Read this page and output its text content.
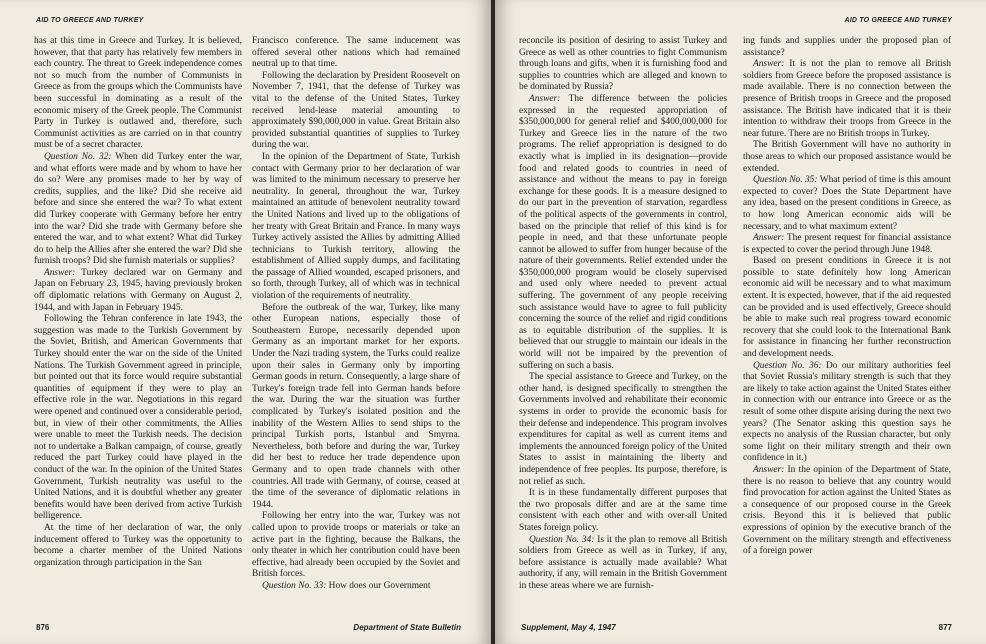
AID TO GREECE AND TURKEY

has at this time in Greece and Turkey. It is believed, however, that that party has relatively few members in each country. The threat to Greek independence comes not so much from the number of Communists in Greece as from the groups which the Communists have been successful in dominating as a result of the economic misery of the Greek people. The Communist Party in Turkey is outlawed and, therefore, such Communist activities as are carried on in that country must be of a secret character.

Question No. 32: When did Turkey enter the war, and what efforts were made and by whom to have her do so? Were any promises made to her by way of credits, supplies, and the like? Did she receive aid before and since she entered the war? To what extent did Turkey cooperate with Germany before her entry into the war? Did she trade with Germany before she entered the war, and to what extent? What did Turkey do to help the Allies after she entered the war? Did she furnish troops? Did she furnish materials or supplies?

Answer: Turkey declared war on Germany and Japan on February 23, 1945, having previously broken off diplomatic relations with Germany on August 2, 1944, and with Japan in February 1945.

Following the Tehran conference in late 1943, the suggestion was made to the Turkish Government by the Soviet, British, and American Governments that Turkey should enter the war on the side of the United Nations. The Turkish Government agreed in principle, but pointed out that its force would require substantial quantities of equipment if they were to play an effective role in the war. Negotiations in this regard were opened and continued over a considerable period, but, in view of their other commitments, the Allies were unable to meet the Turkish needs. The decision not to undertake a Balkan campaign, of course, greatly reduced the part Turkey could have played in the conduct of the war. In the opinion of the United States Government, Turkish neutrality was useful to the United Nations, and it is doubtful whether any greater benefits would have been derived from active Turkish belligerence.

At the time of her declaration of war, the only inducement offered to Turkey was the opportunity to become a charter member of the United Nations organization through participation in the San

Francisco conference. The same inducement was offered several other nations which had remained neutral up to that time.

Following the declaration by President Roosevelt on November 7, 1941, that the defense of Turkey was vital to the defense of the United States, Turkey received lend-lease material amounting to approximately $90,000,000 in value. Great Britain also provided substantial quantities of supplies to Turkey during the war.

In the opinion of the Department of State, Turkish contact with Germany prior to her declaration of war was limited to the minimum necessary to preserve her neutrality. In general, throughout the war, Turkey maintained an attitude of benevolent neutrality toward the United Nations and lived up to the obligations of her treaty with Great Britain and France. In many ways Turkey actively assisted the Allies by admitting Allied technicians to Turkish territory, allowing the establishment of Allied supply dumps, and facilitating the passage of Allied wounded, escaped prisoners, and so forth, through Turkey, all of which was in technical violation of the requirements of neutrality.

Before the outbreak of the war, Turkey, like many other European nations, especially those of Southeastern Europe, necessarily depended upon Germany as an important market for her exports. Under the Nazi trading system, the Turks could realize upon their sales in Germany only by importing German goods in return. Consequently, a large share of Turkey's foreign trade fell into German hands before the war. During the war the situation was further complicated by Turkey's isolated position and the inability of the Western Allies to send ships to the principal Turkish ports, Istanbul and Smyrna. Nevertheless, both before and during the war, Turkey did her best to reduce her trade dependence upon Germany and to open trade channels with other countries. All trade with Germany, of course, ceased at the time of the severance of diplomatic relations in 1944.

Following her entry into the war, Turkey was not called upon to provide troops or materials or take an active part in the fighting, because the Balkans, the only theater in which her contribution could have been effective, had already been occupied by the Soviet and British forces.

Question No. 33: How does our Government

876	Department of State Bulletin
AID TO GREECE AND TURKEY

reconcile its position of desiring to assist Turkey and Greece as well as other countries to fight Communism through loans and gifts, when it is furnishing food and supplies to countries which are alleged and known to be dominated by Russia?

Answer: The difference between the policies expressed in the requested appropriation of $350,000,000 for general relief and $400,000,000 for Turkey and Greece lies in the nature of the two programs. The relief appropriation is designed to do exactly what is implied in its designation—provide food and related goods to countries in need of assistance and without the means to pay in foreign exchange for these goods. It is a measure designed to do our part in the prevention of starvation, regardless of the political aspects of the governments in control, based on the principle that relief of this kind is for people in need, and that these unfortunate people cannot be allowed to suffer from hunger because of the nature of their governments. Relief extended under the $350,000,000 program would be closely supervised and used only where needed to prevent actual suffering. The government of any people receiving such assistance would have to agree to full publicity concerning the source of the relief and rigid conditions as to equitable distribution of the supplies. It is believed that our struggle to maintain our ideals in the world will not be impaired by the prevention of suffering on such a basis.

The special assistance to Greece and Turkey, on the other hand, is designed specifically to strengthen the Governments involved and rehabilitate their economic systems in order to provide the economic basis for their defense and independence. This program involves expenditures for capital as well as current items and implements the announced foreign policy of the United States to assist in maintaining the liberty and independence of free peoples. Its purpose, therefore, is not relief as such.

It is in these fundamentally different purposes that the two proposals differ and are at the same time consistent with each other and with over-all United States foreign policy.

Question No. 34: Is it the plan to remove all British soldiers from Greece as well as in Turkey, if any, before assistance is actually made available? What authority, if any, will remain in the British Government in these areas where we are furnish-

ing funds and supplies under the proposed plan of assistance?

Answer: It is not the plan to remove all British soldiers from Greece before the proposed assistance is made available. There is no connection between the presence of British troops in Greece and the proposed assistance. The British have indicated that it is their intention to withdraw their troops from Greece in the near future. There are no British troops in Turkey.

The British Government will have no authority in those areas to which our proposed assistance would be extended.

Question No. 35: What period of time is this amount expected to cover? Does the State Department have any idea, based on the present conditions in Greece, as to how long American economic aids will be necessary, and to what maximum extent?

Answer: The present request for financial assistance is expected to cover the period through June 1948.

Based on present conditions in Greece it is not possible to state definitely how long American economic aid will be necessary and to what maximum extent. It is expected, however, that if the aid requested can be provided and is used effectively, Greece should be able to make such real progress toward economic recovery that she could look to the International Bank for assistance in financing her further reconstruction and development needs.

Question No. 36: Do our military authorities feel that Soviet Russia's military strength is such that they are likely to take action against the United States either in connection with our entrance into Greece or as the result of some other dispute arising during the next two years? (The Senator asking this question says he expects no analysis of the Russian character, but only some light on their military strength and their own confidence in it.)

Answer: In the opinion of the Department of State, there is no reason to believe that any country would find provocation for action against the United States as a consequence of our proposed course in the Greek crisis. Beyond this it is believed that public expressions of opinion by the executive branch of the Government on the military strength and effectiveness of a foreign power

Supplement, May 4, 1947	877
